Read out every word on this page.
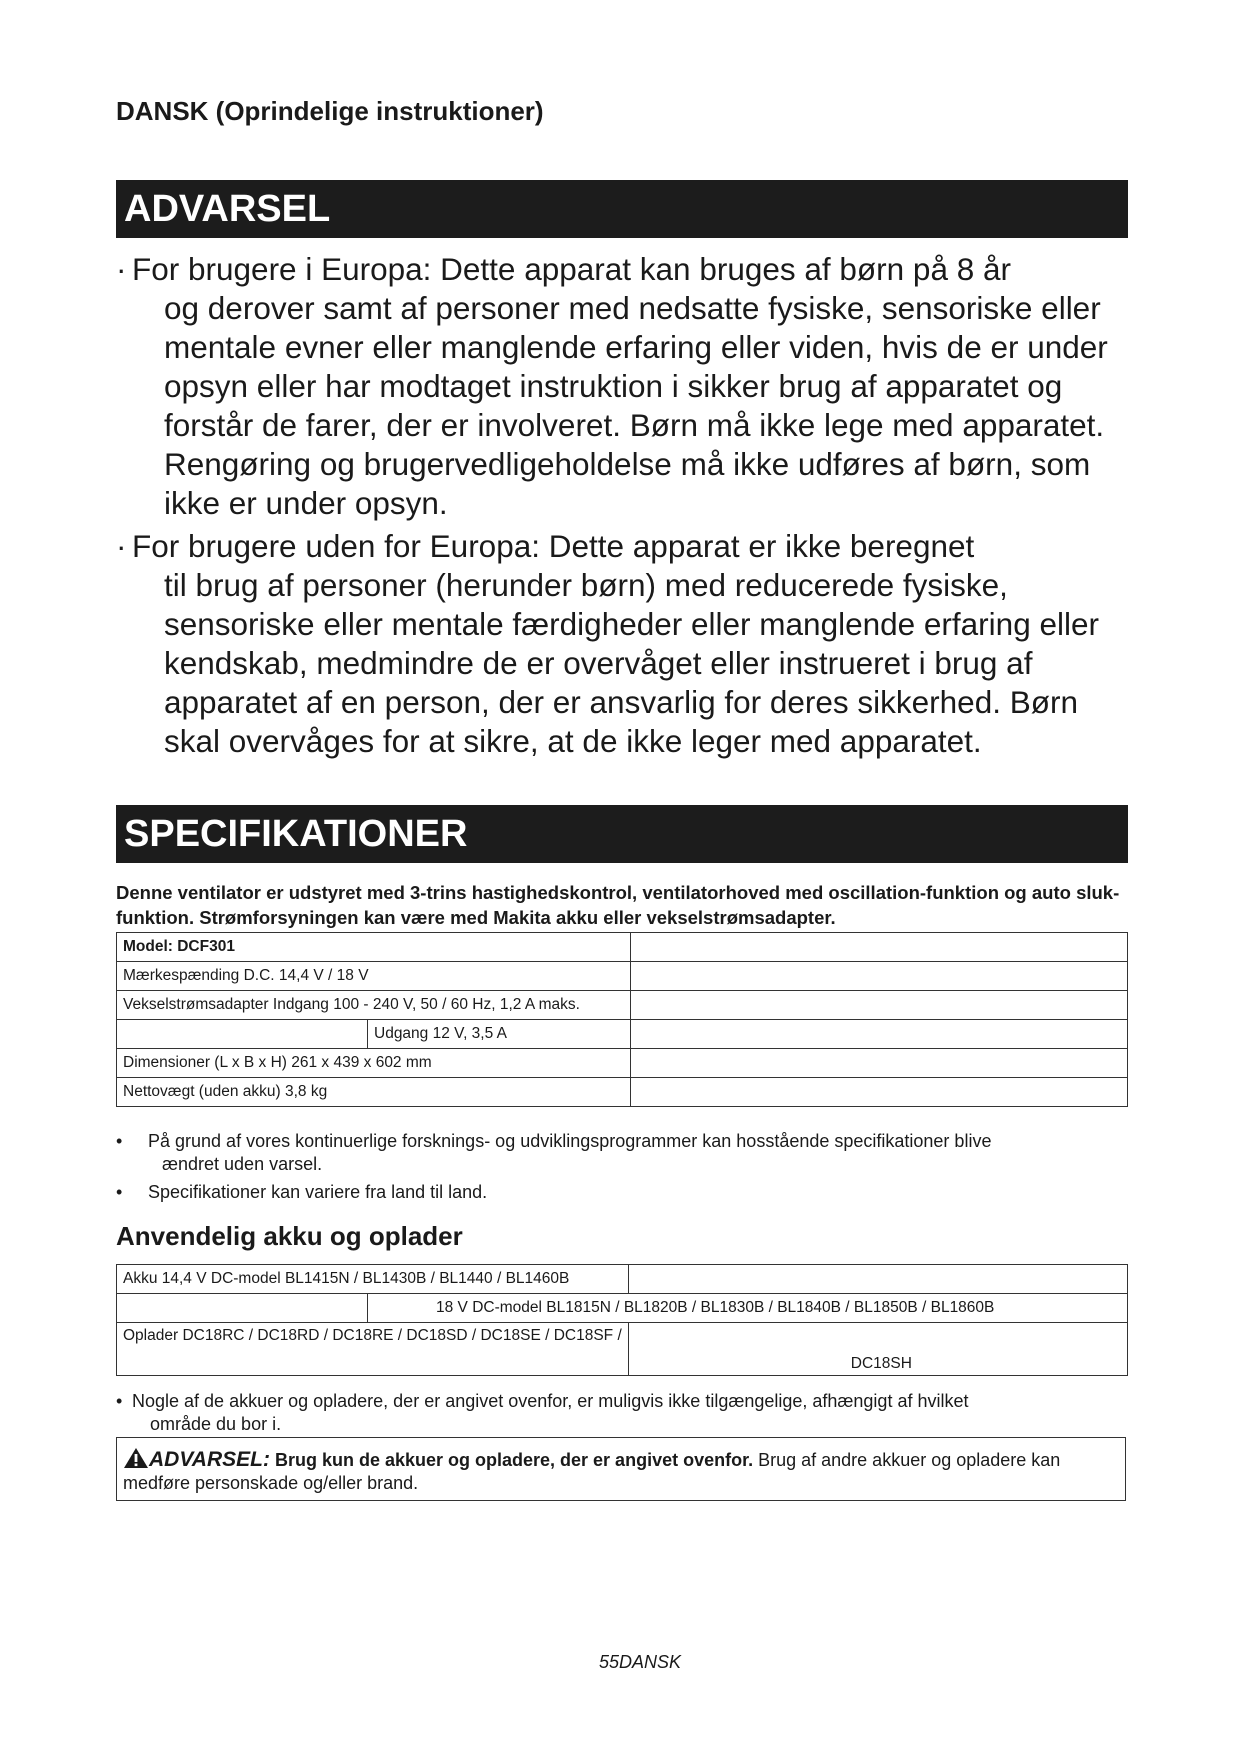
DANSK (Oprindelige instruktioner)
ADVARSEL
· For brugere i Europa: Dette apparat kan bruges af børn på 8 år
og derover samt af personer med nedsatte fysiske, sensoriske eller mentale evner eller manglende erfaring eller viden, hvis de er under opsyn eller har modtaget instruktion i sikker brug af apparatet og forstår de farer, der er involveret. Børn må ikke lege med apparatet. Rengøring og brugervedligeholdelse må ikke udføres af børn, som ikke er under opsyn.
· For brugere uden for Europa: Dette apparat er ikke beregnet
til brug af personer (herunder børn) med reducerede fysiske, sensoriske eller mentale færdigheder eller manglende erfaring eller kendskab, medmindre de er overvåget eller instrueret i brug af apparatet af en person, der er ansvarlig for deres sikkerhed. Børn skal overvåges for at sikre, at de ikke leger med apparatet.
SPECIFIKATIONER
Denne ventilator er udstyret med 3-trins hastighedskontrol, ventilatorhoved med oscillation-funktion og auto sluk-funktion. Strømforsyningen kan være med Makita akku eller vekselstrømsadapter.
Model: DCF301		
Mærkespænding D.C. 14,4 V / 18 V		
Vekselstrømsadapter Indgang 100 - 240 V, 50 / 60 Hz, 1,2 A maks.		
	Udgang 12 V, 3,5 A	
Dimensioner (L x B x H) 261 x 439 x 602 mm		
Nettovægt (uden akku) 3,8 kg		
• På grund af vores kontinuerlige forsknings- og udviklingsprogrammer kan hosstående specifikationer blive
ændret uden varsel.
• Specifikationer kan variere fra land til land.
Anvendelig akku og oplader
Akku 14,4 V DC-model BL1415N / BL1430B / BL1440 / BL1460B		
	18 V DC-model BL1815N / BL1820B / BL1830B / BL1840B / BL1850B / BL1860B	
Oplader DC18RC / DC18RD / DC18RE / DC18SD / DC18SE / DC18SF /		DC18SH
• Nogle af de akkuer og opladere, der er angivet ovenfor, er muligvis ikke tilgængelige, afhængigt af hvilket
område du bor i.
ADVARSEL: Brug kun de akkuer og opladere, der er angivet ovenfor. Brug af andre akkuer og opladere kan medføre personskade og/eller brand.
55DANSK
